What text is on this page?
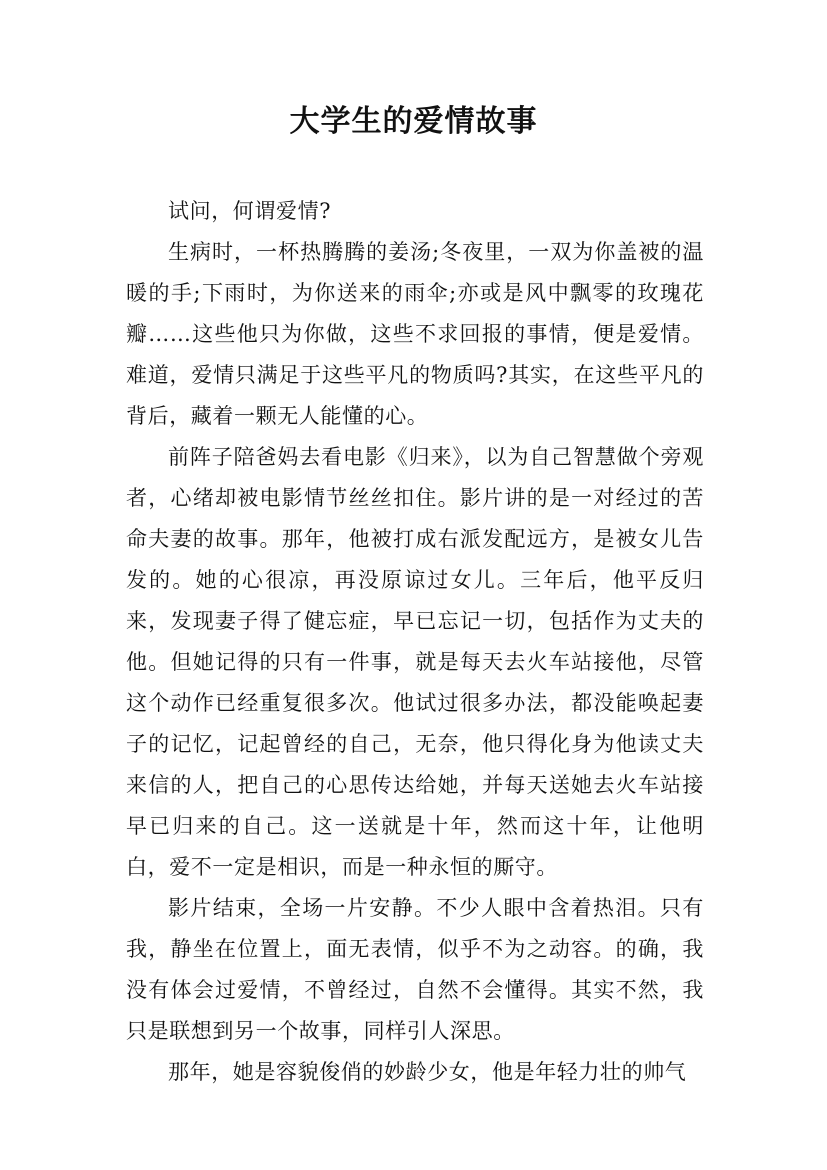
大学生的爱情故事

试问，何谓爱情?

生病时，一杯热腾腾的姜汤;冬夜里，一双为你盖被的温暖的手;下雨时，为你送来的雨伞;亦或是风中飘零的玫瑰花瓣……这些他只为你做，这些不求回报的事情，便是爱情。难道，爱情只满足于这些平凡的物质吗?其实，在这些平凡的背后，藏着一颗无人能懂的心。

前阵子陪爸妈去看电影《归来》，以为自己智慧做个旁观者，心绪却被电影情节丝丝扣住。影片讲的是一对经过的苦命夫妻的故事。那年，他被打成右派发配远方，是被女儿告发的。她的心很凉，再没原谅过女儿。三年后，他平反归来，发现妻子得了健忘症，早已忘记一切，包括作为丈夫的他。但她记得的只有一件事，就是每天去火车站接他，尽管这个动作已经重复很多次。他试过很多办法，都没能唤起妻子的记忆，记起曾经的自己，无奈，他只得化身为他读丈夫来信的人，把自己的心思传达给她，并每天送她去火车站接早已归来的自己。这一送就是十年，然而这十年，让他明白，爱不一定是相识，而是一种永恒的厮守。

影片结束，全场一片安静。不少人眼中含着热泪。只有我，静坐在位置上，面无表情，似乎不为之动容。的确，我没有体会过爱情，不曾经过，自然不会懂得。其实不然，我只是联想到另一个故事，同样引人深思。

那年，她是容貌俊俏的妙龄少女，他是年轻力壮的帅气
